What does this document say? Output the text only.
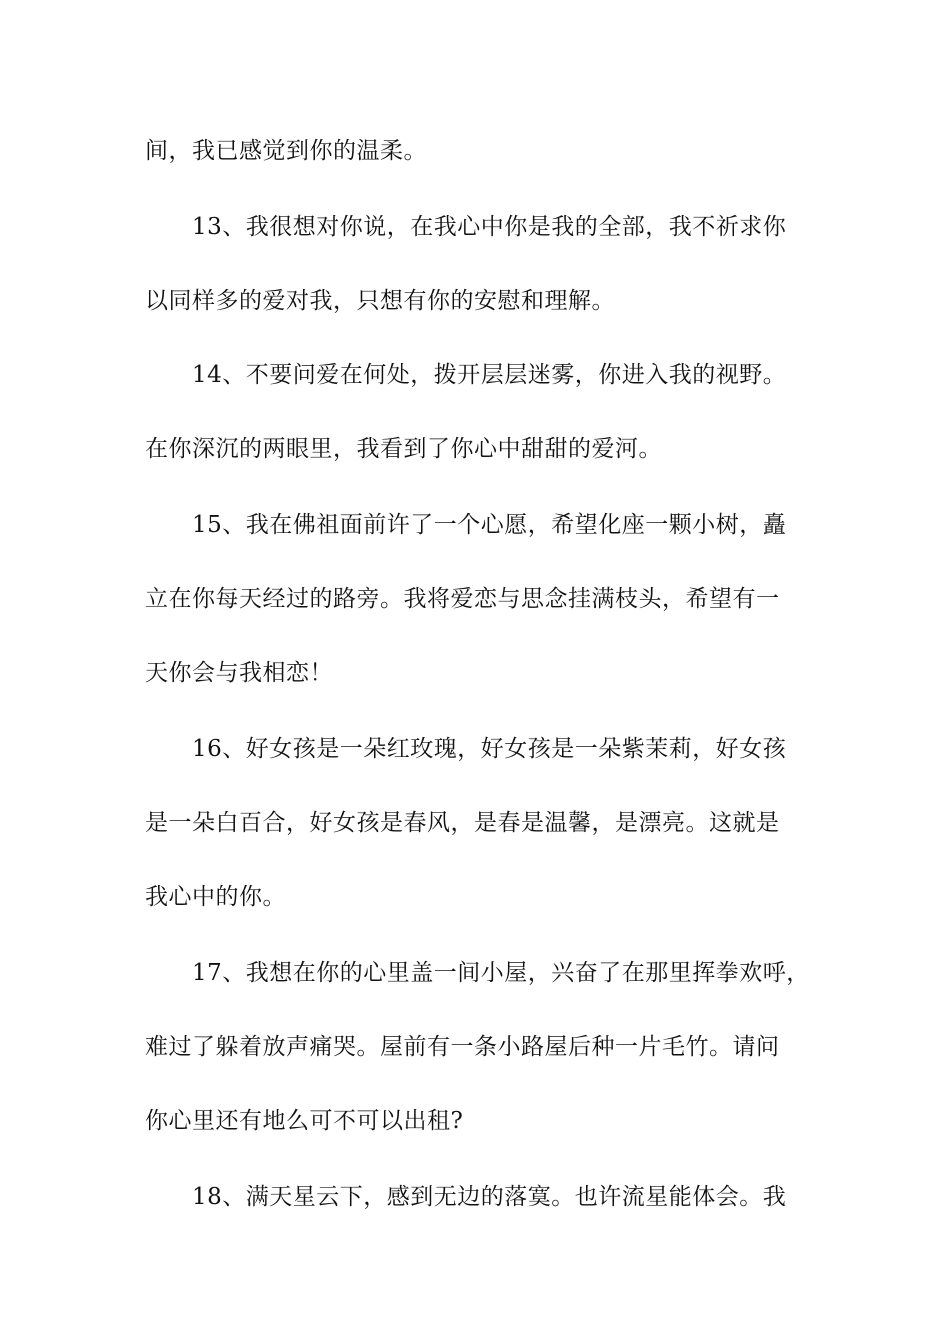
间，我已感觉到你的温柔。
13、我很想对你说，在我心中你是我的全部，我不祈求你
以同样多的爱对我，只想有你的安慰和理解。
14、不要问爱在何处，拨开层层迷雾，你进入我的视野。
在你深沉的两眼里，我看到了你心中甜甜的爱河。
15、我在佛祖面前许了一个心愿，希望化座一颗小树，矗
立在你每天经过的路旁。我将爱恋与思念挂满枝头，希望有一
天你会与我相恋！
16、好女孩是一朵红玫瑰，好女孩是一朵紫茉莉，好女孩
是一朵白百合，好女孩是春风，是春是温馨，是漂亮。这就是
我心中的你。
17、我想在你的心里盖一间小屋，兴奋了在那里挥拳欢呼，
难过了躲着放声痛哭。屋前有一条小路屋后种一片毛竹。请问
你心里还有地么可不可以出租?
18、满天星云下，感到无边的落寞。也许流星能体会。我
